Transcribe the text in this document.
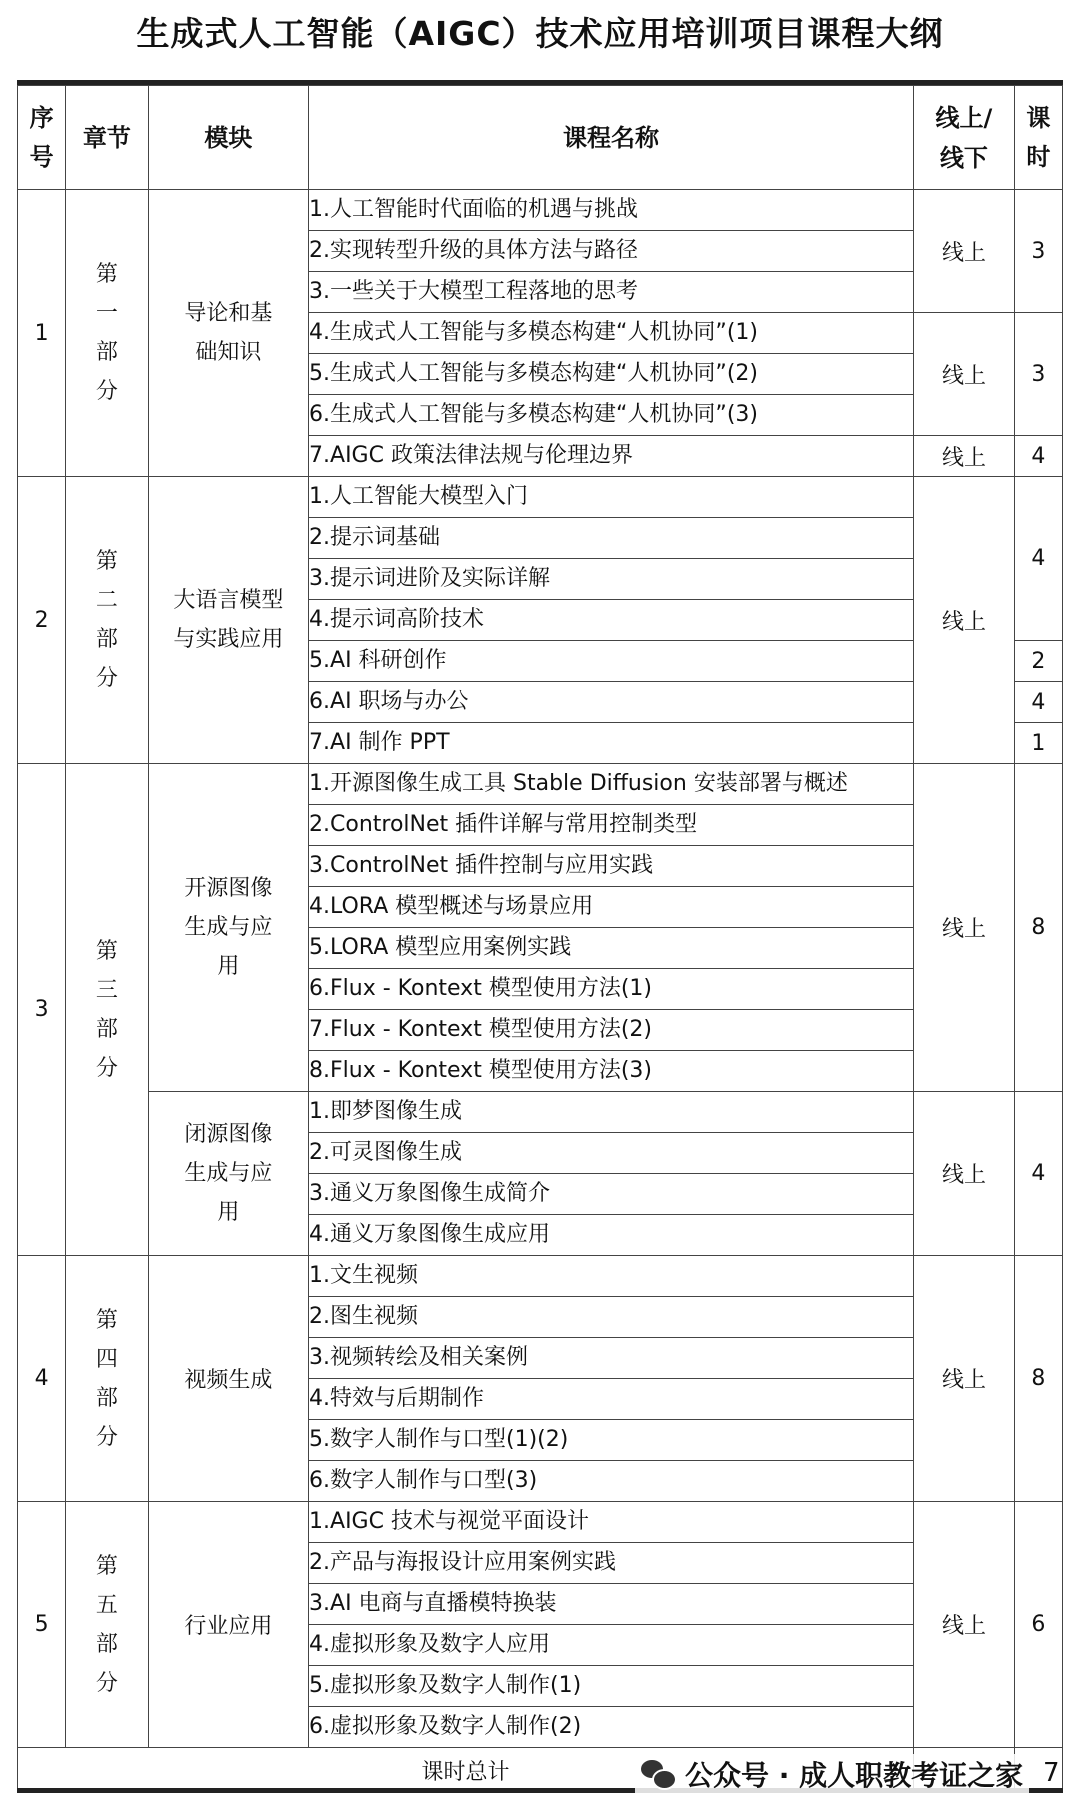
生成式人工智能（AIGC）技术应用培训项目课程大纲
序号	章节	模块	课程名称	线上/线下	课时
1	第一部分	导论和基础知识	1.人工智能时代面临的机遇与挑战	线上	3
			2.实现转型升级的具体方法与路径		
			3.一些关于大模型工程落地的思考		
			4.生成式人工智能与多模态构建“人机协同”(1)	线上	3
			5.生成式人工智能与多模态构建“人机协同”(2)		
			6.生成式人工智能与多模态构建“人机协同”(3)		
			7.AIGC 政策法律法规与伦理边界	线上	4
2	第二部分	大语言模型与实践应用	1.人工智能大模型入门	线上	4
			2.提示词基础		
			3.提示词进阶及实际详解		
			4.提示词高阶技术		
			5.AI 科研创作		2
			6.AI 职场与办公		4
			7.AI 制作 PPT		1
3	第三部分	开源图像生成与应用	1.开源图像生成工具 Stable Diffusion 安装部署与概述	线上	8
			2.ControlNet 插件详解与常用控制类型		
			3.ControlNet 插件控制与应用实践		
			4.LORA 模型概述与场景应用		
			5.LORA 模型应用案例实践		
			6.Flux - Kontext 模型使用方法(1)		
			7.Flux - Kontext 模型使用方法(2)		
			8.Flux - Kontext 模型使用方法(3)		

		闭源图像生成与应用	1.即梦图像生成	线上	4
			2.可灵图像生成		
			3.通义万象图像生成简介		
			4.通义万象图像生成应用		
4	第四部分	视频生成	1.文生视频	线上	8
			2.图生视频		
			3.视频转绘及相关案例		
			4.特效与后期制作		
			5.数字人制作与口型(1)(2)		
			6.数字人制作与口型(3)		
5	第五部分	行业应用	1.AIGC 技术与视觉平面设计	线上	6
			2.产品与海报设计应用案例实践		
			3.AI 电商与直播模特换装		
			4.虚拟形象及数字人应用		
			5.虚拟形象及数字人制作(1)		
			6.虚拟形象及数字人制作(2)		
课时总计						公众号 · 成人职教考证之家 7
